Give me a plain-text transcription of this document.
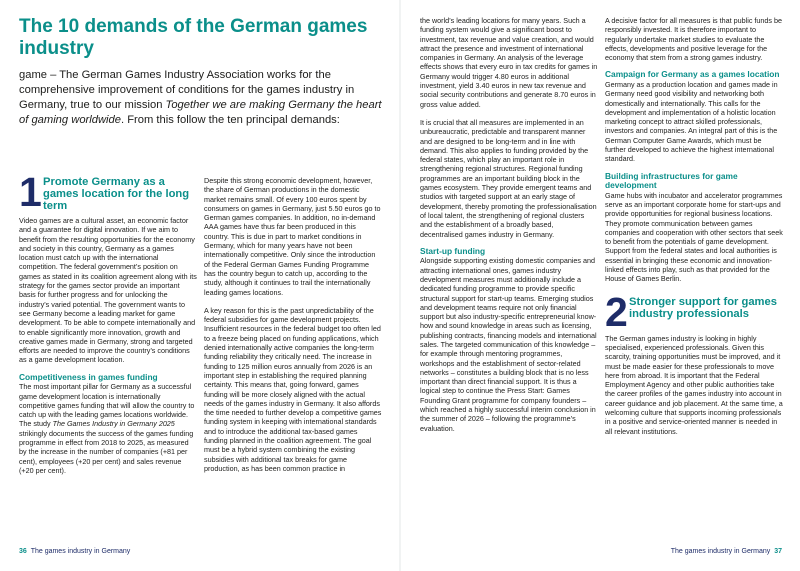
The 10 demands of the German games industry

game – The German Games Industry Association works for the comprehensive improvement of conditions for the games industry in Germany, true to our mission Together we are making Germany the heart of gaming worldwide. From this follow the ten principal demands:

1 Promote Germany as a games location for the long term

Video games are a cultural asset, an economic factor and a guarantee for digital innovation. If we aim to benefit from the resulting opportunities for the economy and society in this country, Germany as a games location must catch up with the international competition. The federal government’s position on games as stated in its coalition agreement along with its strategy for the games sector provide an important basis for further progress and for unlocking the industry’s varied potential. The government wants to see Germany become a leading market for game development. To be able to compete internationally and to enable significantly more innovation, growth and creative games made in Germany, strong and targeted efforts are needed to improve the country’s conditions as a game development location.

Competitiveness in games funding

The most important pillar for Germany as a successful game development location is internationally competitive games funding that will allow the country to catch up with the leading games locations worldwide. The study The Games Industry in Germany 2025 strikingly documents the success of the games funding programme in effect from 2018 to 2025, as measured by the increase in the number of companies (+81 per cent), employees (+20 per cent) and sales revenue (+20 per cent).

Despite this strong economic development, however, the share of German productions in the domestic market remains small. Of every 100 euros spent by consumers on games in Germany, just 5.50 euros go to German games companies. In addition, no in-demand AAA games have thus far been produced in this country. This is due in part to market conditions in Germany, which for many years have not been internationally competitive. Only since the introduction of the Federal German Games Funding Programme has the country begun to catch up, according to the study, although it continues to trail the internationally leading games locations.

A key reason for this is the past unpredictability of the federal subsidies for game development projects. Insufficient resources in the federal budget too often led to a freeze being placed on funding applications, which denied internationally active companies the long-term funding reliability they critically need. The increase in funding to 125 million euros annually from 2026 is an important step in establishing the required planning certainty. This means that, going forward, games funding will be more closely aligned with the actual needs of the games industry in Germany. It also affords the time needed to further develop a competitive games funding system in keeping with international standards and to introduce the additional tax-based games funding planned in the coalition agreement. The goal must be a hybrid system combining the existing subsidies with additional tax breaks for game production, as has been common practice in

36 The games industry in Germany

the world’s leading locations for many years. Such a funding system would give a significant boost to investment, tax revenue and value creation, and would attract the presence and investment of international companies in Germany. An analysis of the leverage effects shows that every euro in tax credits for games in Germany would trigger 4.80 euros in additional investment, yield 3.40 euros in new tax revenue and social security contributions and generate 8.70 euros in gross value added.

It is crucial that all measures are implemented in an unbureaucratic, predictable and transparent manner and are designed to be long-term and in line with demand. This also applies to funding provided by the federal states, which play an important role in strengthening regional structures. Regional funding programmes are an important building block in the games ecosystem. They provide emergent teams and studios with targeted support at an early stage of development, thereby promoting the professionalisation of local talent, the strengthening of regional clusters and the establishment of a broadly based, decentralised games industry in Germany.

Start-up funding

Alongside supporting existing domestic companies and attracting international ones, games industry development measures must additionally include a dedicated funding programme to provide specific structural support for start-up teams. Emerging studios and development teams require not only financial support but also industry-specific entrepreneurial know-how and sound knowledge in areas such as licensing, publishing contracts, financing models and international sales. The targeted communication of this knowledge – for example through mentoring programmes, workshops and the establishment of sector-related networks – constitutes a building block that is no less important than direct financial support. It is thus a logical step to continue the Press Start: Games Founding Grant programme for company founders – which reached a highly successful interim conclusion in the summer of 2026 – following the programme’s evaluation.

A decisive factor for all measures is that public funds be responsibly invested. It is therefore important to regularly undertake market studies to evaluate the effects, developments and positive leverage for the economy that stem from a strong games industry.

Campaign for Germany as a games location

Germany as a production location and games made in Germany need good visibility and networking both domestically and internationally. This calls for the development and implementation of a holistic location marketing concept to attract skilled professionals, investors and companies. An integral part of this is the German Computer Game Awards, which must be further developed to achieve the highest international standard.

Building infrastructures for game development

Game hubs with incubator and accelerator programmes serve as an important corporate home for start-ups and provide opportunities for regional business locations. They promote communication between games companies and cooperation with other sectors that seek to benefit from the potentials of game development. Support from the federal states and local authorities is essential in bringing these economic and innovation-linked effects into play, such as that provided for the House of Games Berlin.

2 Stronger support for games industry professionals

The German games industry is looking in highly specialised, experienced professionals. Given this scarcity, training opportunities must be improved, and it must be made easier for these professionals to move here from abroad. It is important that the Federal Employment Agency and other public authorities take the career profiles of the games industry into account in career guidance and job placement. At the same time, a welcoming culture that supports incoming professionals in a positive and service-oriented manner is needed in all relevant institutions.

The games industry in Germany 37
